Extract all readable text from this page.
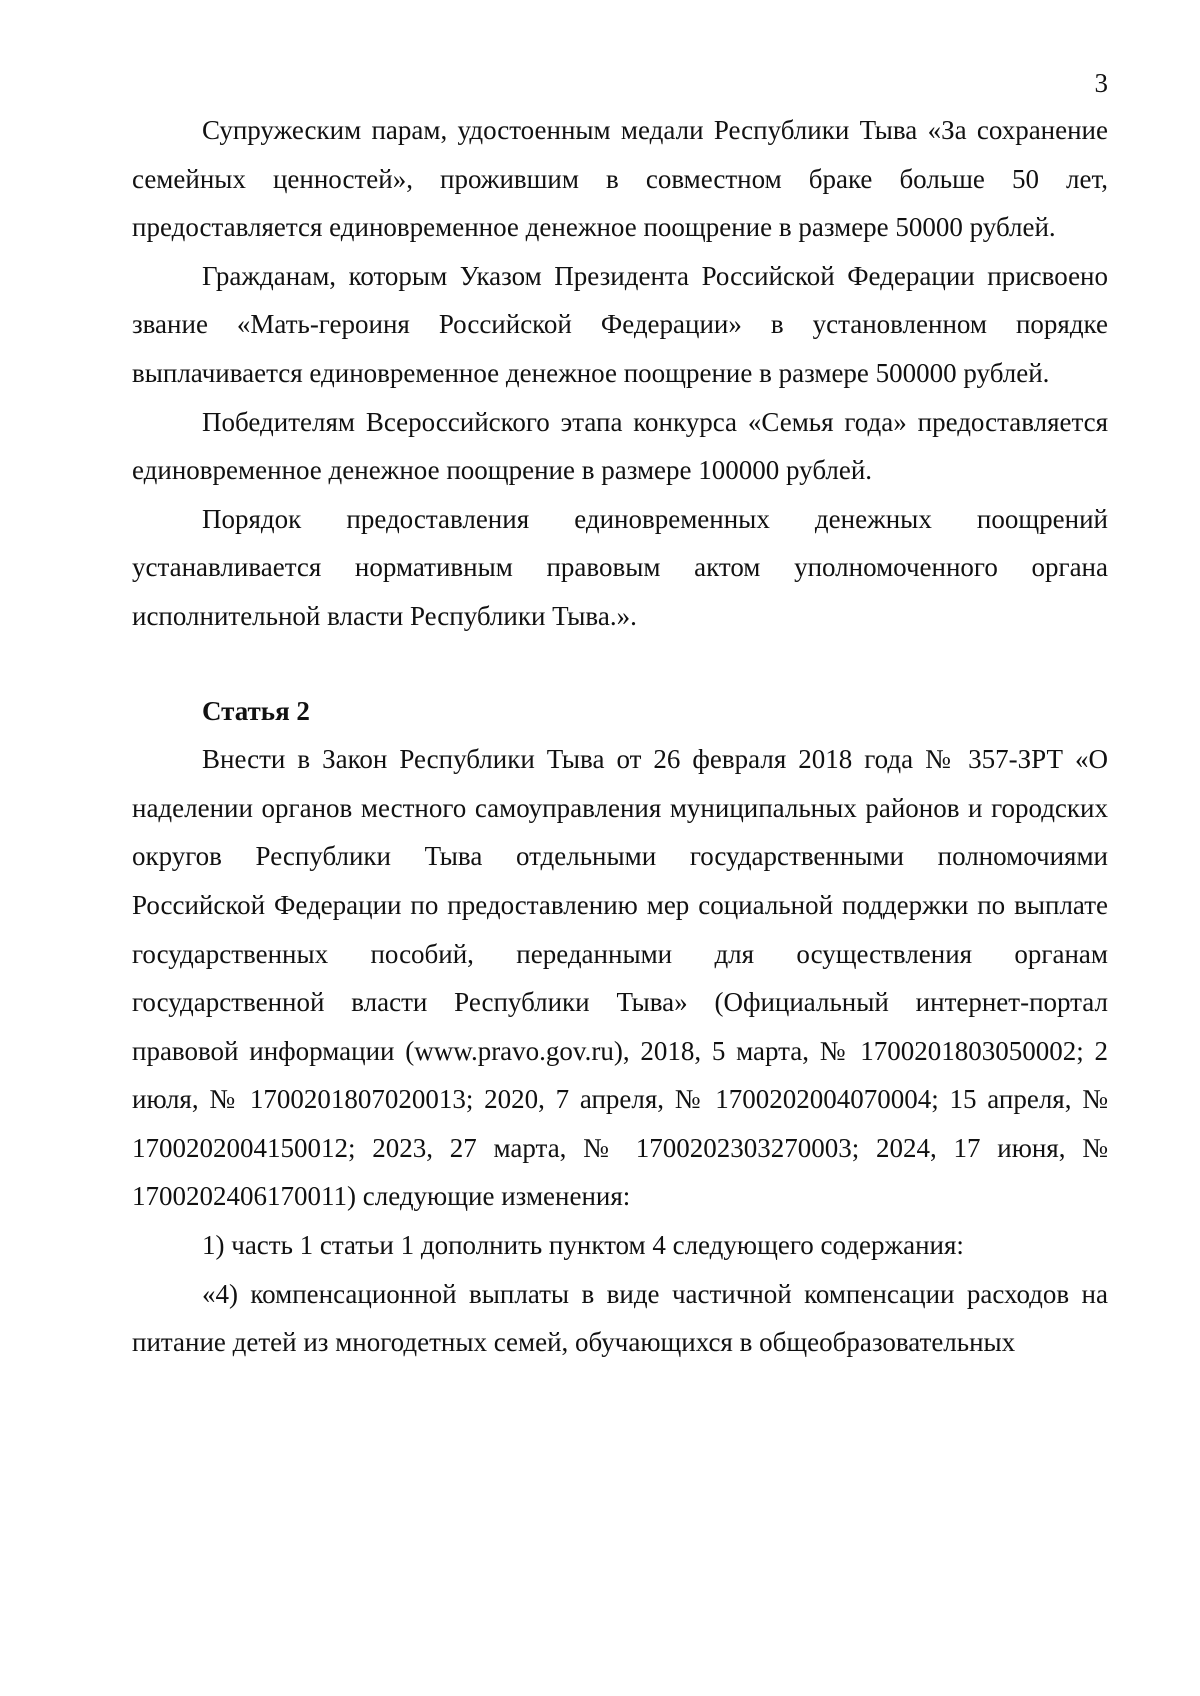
3

Супружеским парам, удостоенным медали Республики Тыва «За сохранение семейных ценностей», прожившим в совместном браке больше 50 лет, предоставляется единовременное денежное поощрение в размере 50000 рублей.

Гражданам, которым Указом Президента Российской Федерации присвоено звание «Мать-героиня Российской Федерации» в установленном порядке выплачивается единовременное денежное поощрение в размере 500000 рублей.

Победителям Всероссийского этапа конкурса «Семья года» предоставляется единовременное денежное поощрение в размере 100000 рублей.

Порядок предоставления единовременных денежных поощрений устанавливается нормативным правовым актом уполномоченного органа исполнительной власти Республики Тыва.».

Статья 2

Внести в Закон Республики Тыва от 26 февраля 2018 года № 357-ЗРТ «О наделении органов местного самоуправления муниципальных районов и городских округов Республики Тыва отдельными государственными полномочиями Российской Федерации по предоставлению мер социальной поддержки по выплате государственных пособий, переданными для осуществления органам государственной власти Республики Тыва» (Официальный интернет-портал правовой информации (www.pravo.gov.ru), 2018, 5 марта, № 1700201803050002; 2 июля, № 1700201807020013; 2020, 7 апреля, № 1700202004070004; 15 апреля, № 1700202004150012; 2023, 27 марта, № 1700202303270003; 2024, 17 июня, № 1700202406170011) следующие изменения:

1) часть 1 статьи 1 дополнить пунктом 4 следующего содержания:

«4) компенсационной выплаты в виде частичной компенсации расходов на питание детей из многодетных семей, обучающихся в общеобразовательных
